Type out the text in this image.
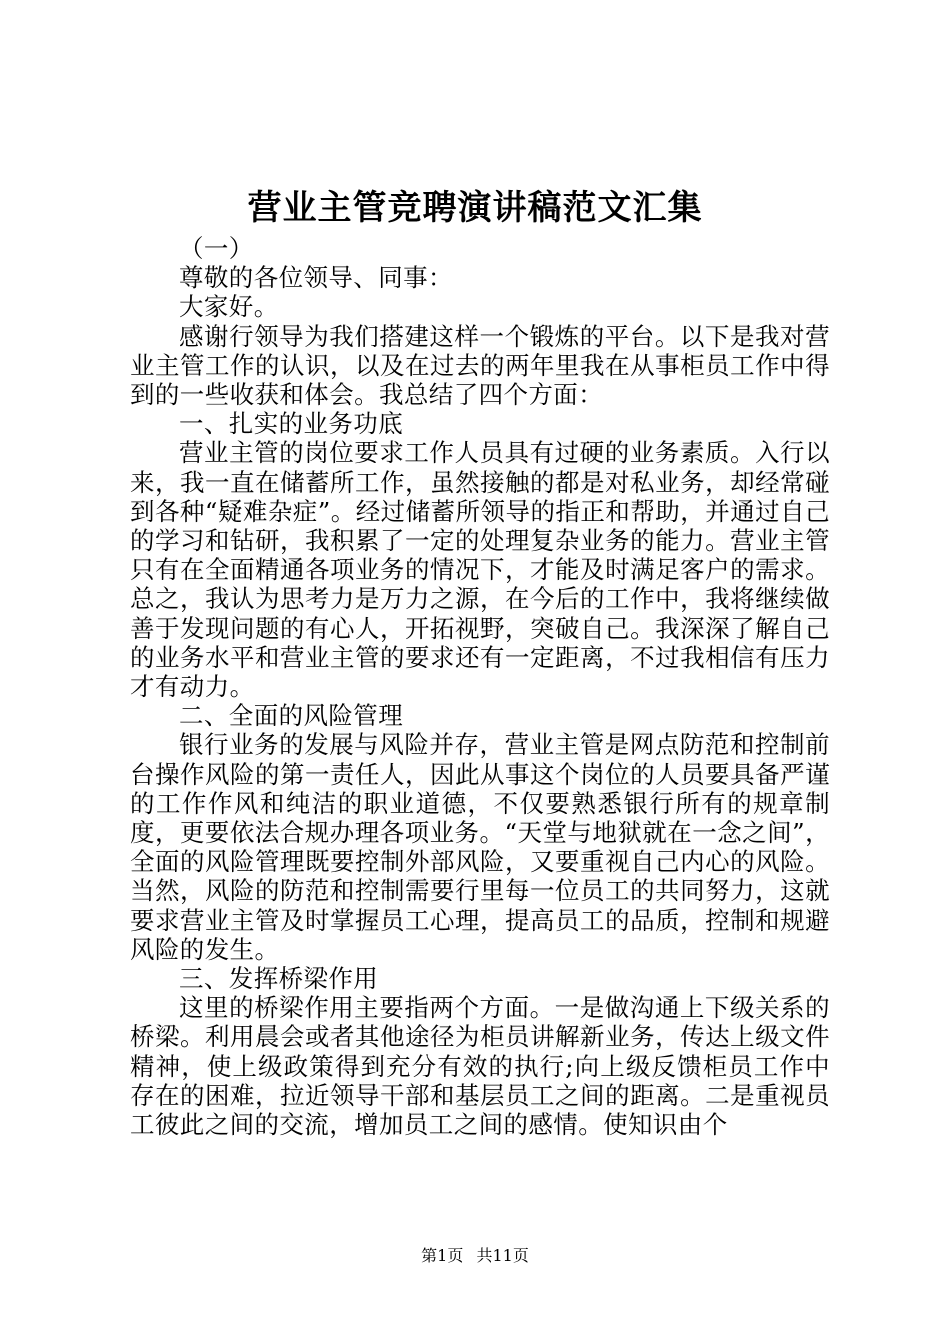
营业主管竞聘演讲稿范文汇集

（一）

尊敬的各位领导、同事：

大家好。

感谢行领导为我们搭建这样一个锻炼的平台。以下是我对营业主管工作的认识，以及在过去的两年里我在从事柜员工作中得到的一些收获和体会。我总结了四个方面：

一、扎实的业务功底

营业主管的岗位要求工作人员具有过硬的业务素质。入行以来，我一直在储蓄所工作，虽然接触的都是对私业务，却经常碰到各种“疑难杂症”。经过储蓄所领导的指正和帮助，并通过自己的学习和钻研，我积累了一定的处理复杂业务的能力。营业主管只有在全面精通各项业务的情况下，才能及时满足客户的需求。总之，我认为思考力是万力之源，在今后的工作中，我将继续做善于发现问题的有心人，开拓视野，突破自己。我深深了解自己的业务水平和营业主管的要求还有一定距离，不过我相信有压力才有动力。

二、全面的风险管理

银行业务的发展与风险并存，营业主管是网点防范和控制前台操作风险的第一责任人，因此从事这个岗位的人员要具备严谨的工作作风和纯洁的职业道德，不仅要熟悉银行所有的规章制度，更要依法合规办理各项业务。“天堂与地狱就在一念之间”，全面的风险管理既要控制外部风险，又要重视自己内心的风险。当然，风险的防范和控制需要行里每一位员工的共同努力，这就要求营业主管及时掌握员工心理，提高员工的品质，控制和规避风险的发生。

三、发挥桥梁作用

这里的桥梁作用主要指两个方面。一是做沟通上下级关系的桥梁。利用晨会或者其他途径为柜员讲解新业务，传达上级文件精神，使上级政策得到充分有效的执行;向上级反馈柜员工作中存在的困难，拉近领导干部和基层员工之间的距离。二是重视员工彼此之间的交流，增加员工之间的感情。使知识由个

第1页 共11页
